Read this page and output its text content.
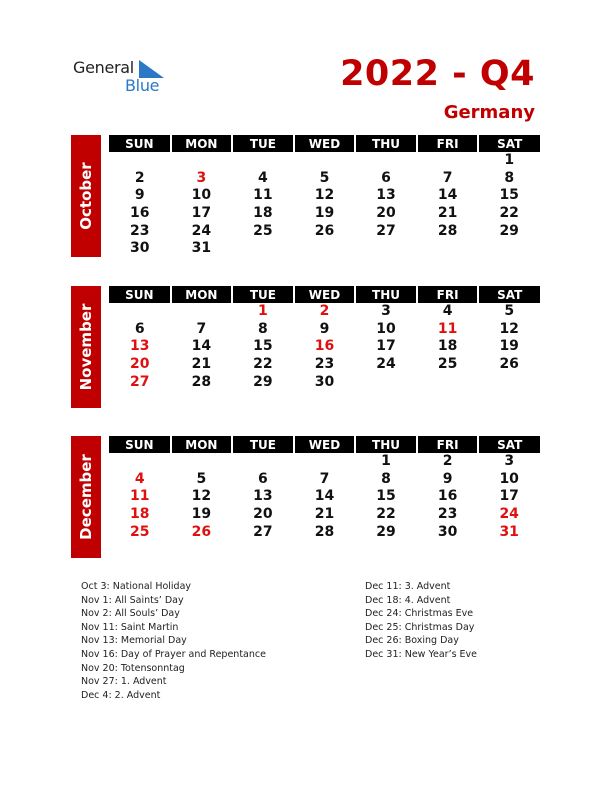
General
Blue	2022 - Q4
Germany
October
SUN	MON	TUE	WED	THU	FRI	SAT
						1
2	3	4	5	6	7	8
9	10	11	12	13	14	15
16	17	18	19	20	21	22
23	24	25	26	27	28	29
30	31					
November
SUN	MON	TUE	WED	THU	FRI	SAT
		1	2	3	4	5
6	7	8	9	10	11	12
13	14	15	16	17	18	19
20	21	22	23	24	25	26
27	28	29	30			
December
SUN	MON	TUE	WED	THU	FRI	SAT
				1	2	3
4	5	6	7	8	9	10
11	12	13	14	15	16	17
18	19	20	21	22	23	24
25	26	27	28	29	30	31
Oct 3: National Holiday
Nov 1: All Saints’ Day
Nov 2: All Souls’ Day
Nov 11: Saint Martin
Nov 13: Memorial Day
Nov 16: Day of Prayer and Repentance
Nov 20: Totensonntag
Nov 27: 1. Advent
Dec 4: 2. Advent
Dec 11: 3. Advent
Dec 18: 4. Advent
Dec 24: Christmas Eve
Dec 25: Christmas Day
Dec 26: Boxing Day
Dec 31: New Year’s Eve
